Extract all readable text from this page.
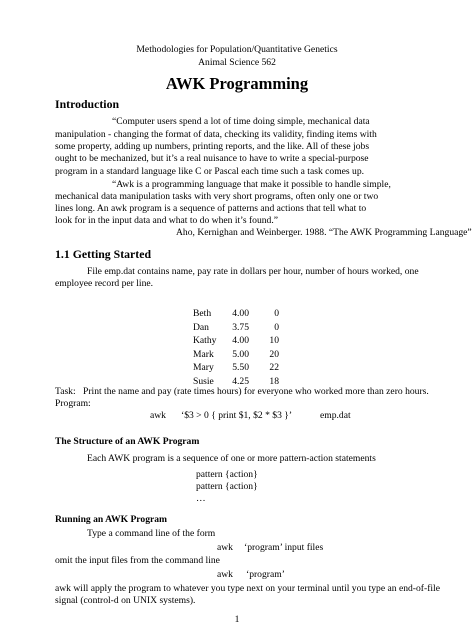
Methodologies for Population/Quantitative Genetics
Animal Science 562
AWK Programming
Introduction
“Computer users spend a lot of time doing simple, mechanical data
manipulation - changing the format of data, checking its validity, finding items with
some property, adding up numbers, printing reports, and the like. All of these jobs
ought to be mechanized, but it’s a real nuisance to have to write a special-purpose
program in a standard language like C or Pascal each time such a task comes up.
“Awk is a programming language that make it possible to handle simple,
mechanical data manipulation tasks with very short programs, often only one or two
lines long. An awk program is a sequence of patterns and actions that tell what to
look for in the input data and what to do when it’s found.”
Aho, Kernighan and Weinberger. 1988. “The AWK Programming Language”
1.1 Getting Started
File emp.dat contains name, pay rate in dollars per hour, number of hours worked, one
employee record per line.
Beth	4.00	0
Dan	3.75	0
Kathy	4.00	10
Mark	5.00	20
Mary	5.50	22
Susie	4.25	18
Task: Print the name and pay (rate times hours) for everyone who worked more than zero hours.
Program:
awk ‘$3 > 0 { print $1, $2 * $3 }’	emp.dat
The Structure of an AWK Program
Each AWK program is a sequence of one or more pattern-action statements
pattern {action}
pattern {action}
…
Running an AWK Program
Type a command line of the form
awk ‘program’ input files
omit the input files from the command line
awk ‘program’
awk will apply the program to whatever you type next on your terminal until you type an end-of-file
signal (control-d on UNIX systems).
1
